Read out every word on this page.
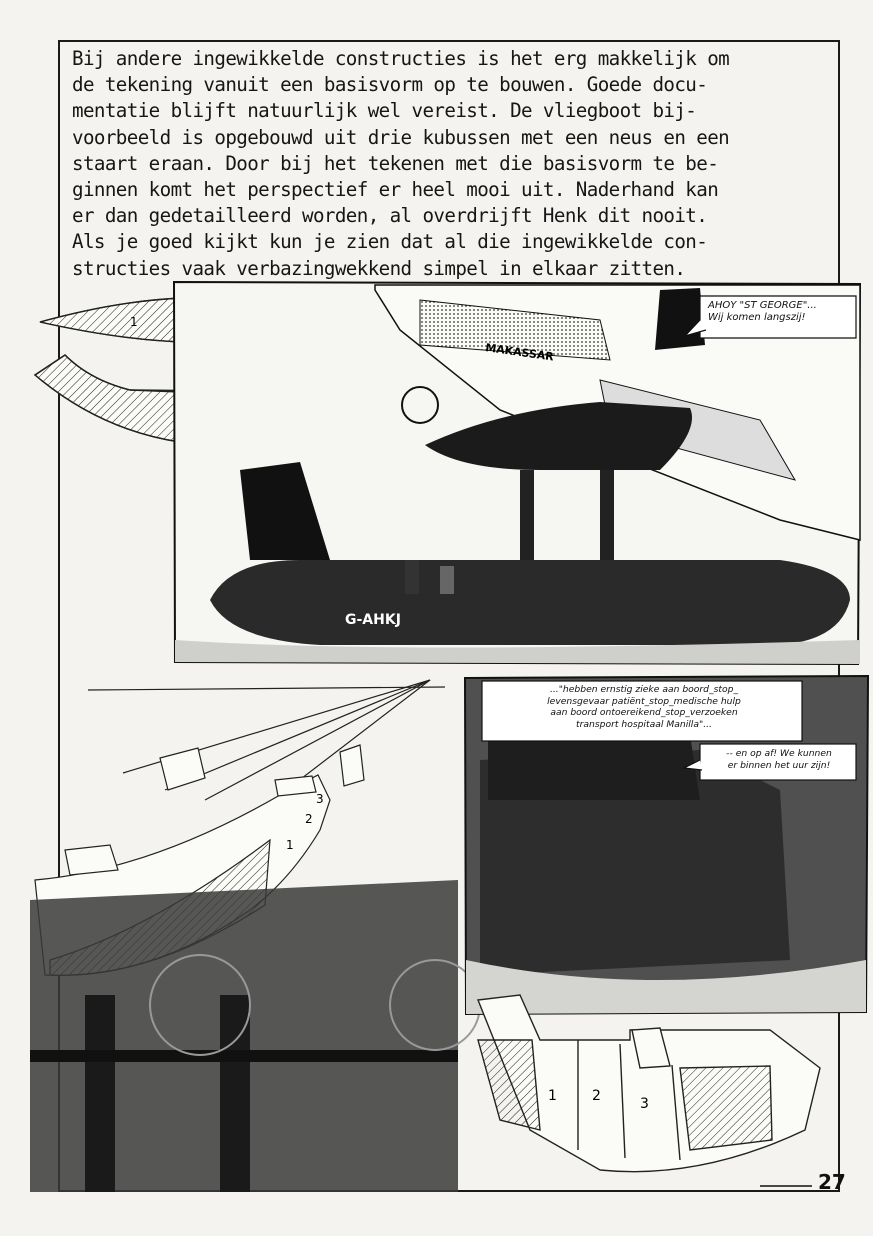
Bij andere ingewikkelde constructies is het erg makkelijk om
de tekening vanuit een basisvorm op te bouwen. Goede docu-
mentatie blijft natuurlijk wel vereist. De vliegboot bij-
voorbeeld is opgebouwd uit drie kubussen met een neus en een
staart eraan. Door bij het tekenen met die basisvorm te be-
ginnen komt het perspectief er heel mooi uit. Naderhand kan
er dan gedetailleerd worden, al overdrijft Henk dit nooit.
Als je goed kijkt kun je zien dat al die ingewikkelde con-
structies vaak verbazingwekkend simpel in elkaar zitten.
1
MAKASSAR
G-AHKJ
1
2
3
1	2	3
AHOY "ST GEORGE"...
Wij komen langszij!
..."hebben ernstig zieke aan boord_stop_
levensgevaar patiënt_stop_medische hulp
aan boord ontoereikend_stop_verzoeken
transport hospitaal Manilla"...
-- en op af! We kunnen
er binnen het uur zijn!
27
